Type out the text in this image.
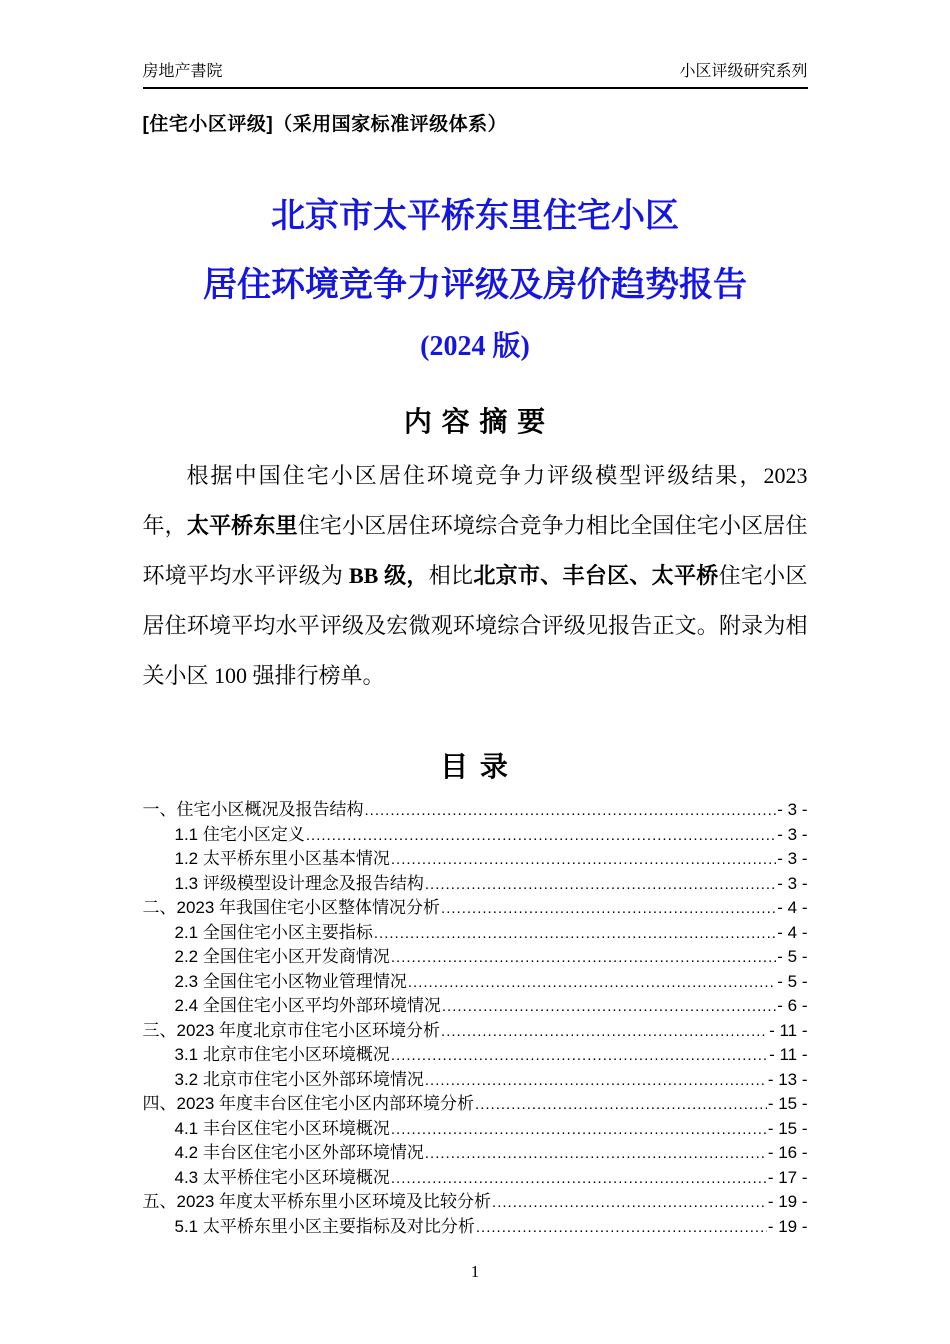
房地产書院	小区评级研究系列
[住宅小区评级]（采用国家标准评级体系）
北京市太平桥东里住宅小区
居住环境竞争力评级及房价趋势报告
(2024 版)
内 容 摘 要

根据中国住宅小区居住环境竞争力评级模型评级结果，2023 年，太平桥东里住宅小区居住环境综合竞争力相比全国住宅小区居住环境平均水平评级为 BB 级，相比北京市、丰台区、太平桥住宅小区居住环境平均水平评级及宏微观环境综合评级见报告正文。附录为相关小区 100 强排行榜单。

目 录
一、住宅小区概况及报告结构 .....	- 3 -
1.1 住宅小区定义 .....	- 3 -
1.2 太平桥东里小区基本情况 .....	- 3 -
1.3 评级模型设计理念及报告结构 .....	- 3 -
二、2023 年我国住宅小区整体情况分析 .....	- 4 -
2.1 全国住宅小区主要指标 .....	- 4 -
2.2 全国住宅小区开发商情况 .....	- 5 -
2.3 全国住宅小区物业管理情况 .....	- 5 -
2.4 全国住宅小区平均外部环境情况 .....	- 6 -
三、2023 年度北京市住宅小区环境分析 .....	- 11 -
3.1 北京市住宅小区环境概况 .....	- 11 -
3.2 北京市住宅小区外部环境情况 .....	- 13 -
四、2023 年度丰台区住宅小区内部环境分析 .....	- 15 -
4.1 丰台区住宅小区环境概况 .....	- 15 -
4.2 丰台区住宅小区外部环境情况 .....	- 16 -
4.3 太平桥住宅小区环境概况 .....	- 17 -
五、2023 年度太平桥东里小区环境及比较分析 .....	- 19 -
5.1 太平桥东里小区主要指标及对比分析 .....	- 19 -
1
